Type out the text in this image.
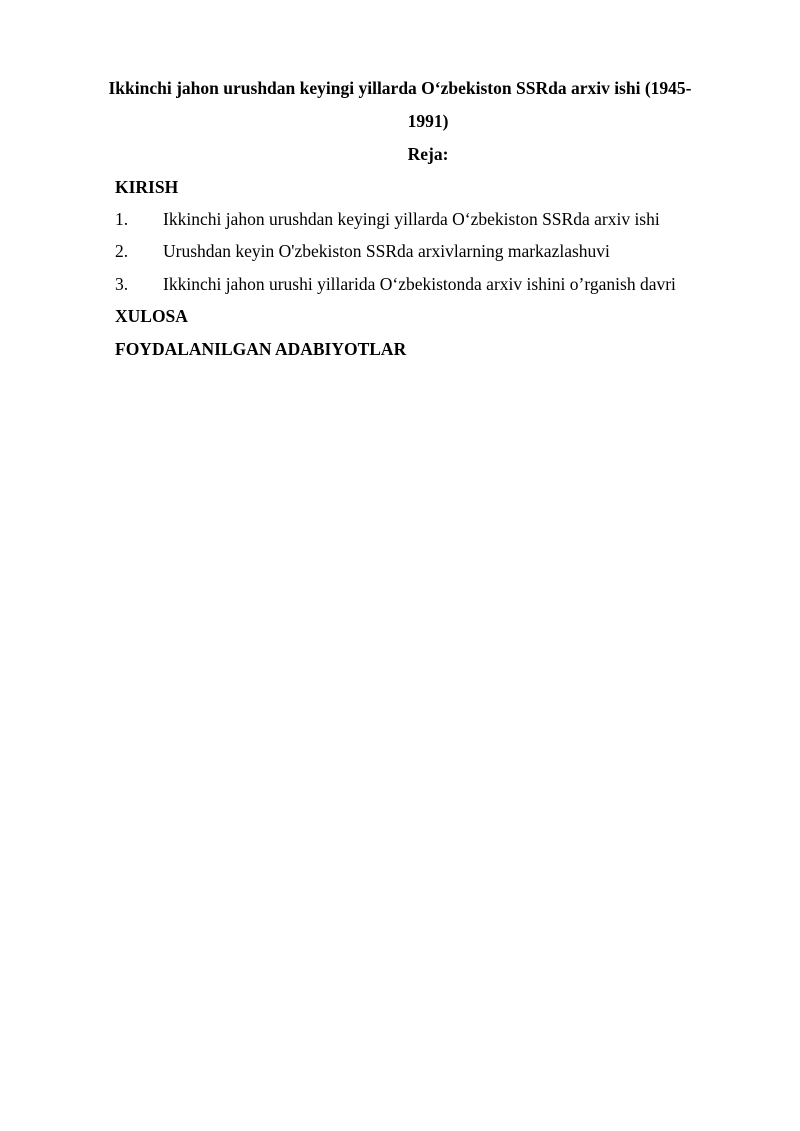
Ikkinchi jahon urushdan keyingi yillarda O‘zbekiston SSRda arxiv ishi (1945-
1991)
Reja:
KIRISH
1. Ikkinchi jahon urushdan keyingi yillarda O‘zbekiston SSRda arxiv ishi
2. Urushdan keyin O'zbekiston SSRda arxivlarning markazlashuvi
3. Ikkinchi jahon urushi yillarida O‘zbekistonda arxiv ishini o’rganish davri
XULOSA
FOYDALANILGAN ADABIYOTLAR
